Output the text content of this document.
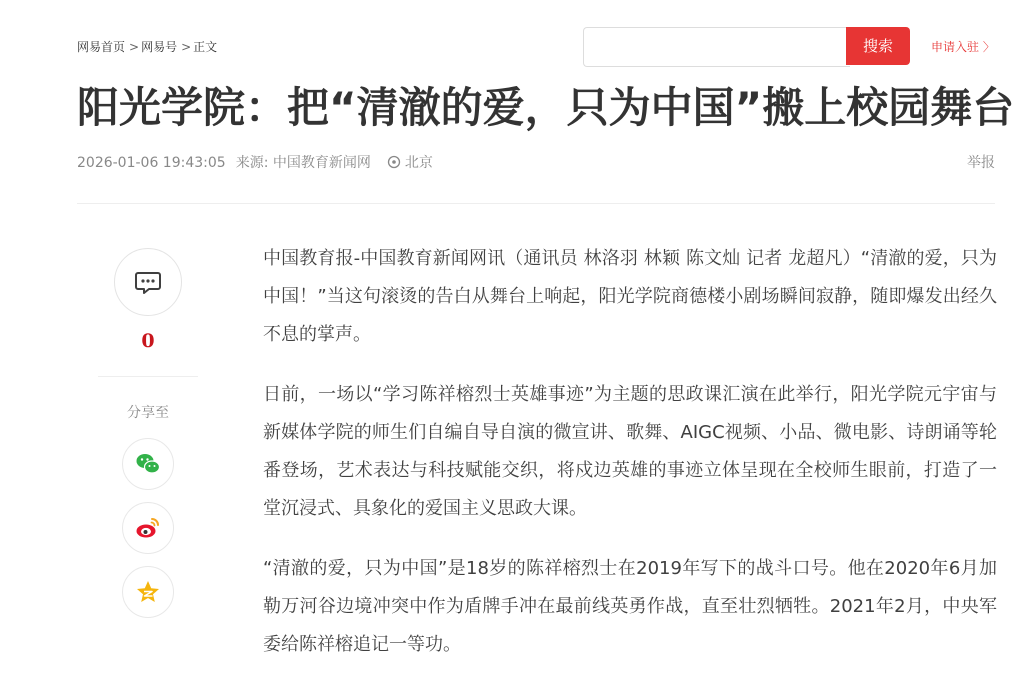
网易首页 > 网易号 > 正文	搜索	申请入驻 〉
阳光学院：把“清澈的爱，只为中国”搬上校园舞台
2026-01-06 19:43:05 来源: 中国教育新闻网 北京	举报
0
分享至

中国教育报-中国教育新闻网讯（通讯员 林洛羽 林颖 陈文灿 记者 龙超凡）“清澈的爱，只为中国！”当这句滚烫的告白从舞台上响起，阳光学院商德楼小剧场瞬间寂静，随即爆发出经久不息的掌声。

日前，一场以“学习陈祥榕烈士英雄事迹”为主题的思政课汇演在此举行，阳光学院元宇宙与新媒体学院的师生们自编自导自演的微宣讲、歌舞、AIGC视频、小品、微电影、诗朗诵等轮番登场，艺术表达与科技赋能交织，将戍边英雄的事迹立体呈现在全校师生眼前，打造了一堂沉浸式、具象化的爱国主义思政大课。

“清澈的爱，只为中国”是18岁的陈祥榕烈士在2019年写下的战斗口号。他在2020年6月加勒万河谷边境冲突中作为盾牌手冲在最前线英勇作战，直至壮烈牺牲。2021年2月，中央军委给陈祥榕追记一等功。
